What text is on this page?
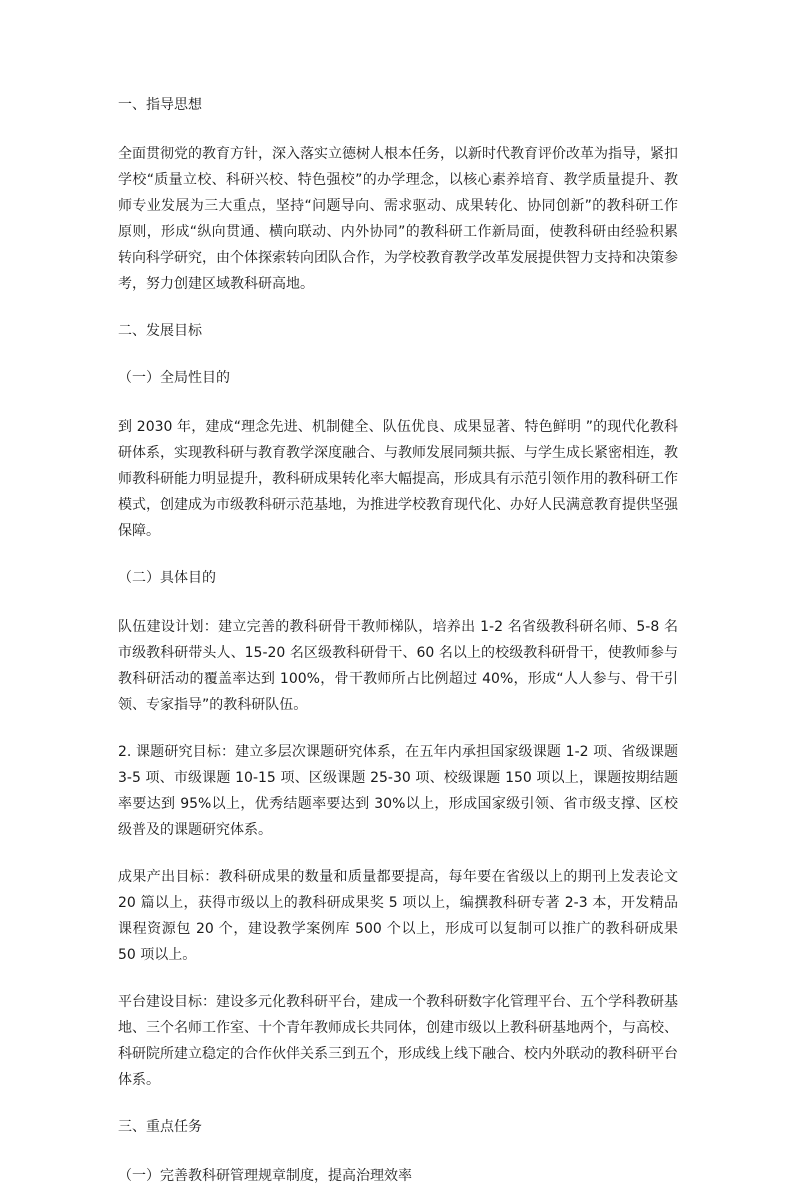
一、指导思想

全面贯彻党的教育方针，深入落实立德树人根本任务，以新时代教育评价改革为指导，紧扣学校“质量立校、科研兴校、特色强校”的办学理念，以核心素养培育、教学质量提升、教师专业发展为三大重点，坚持“问题导向、需求驱动、成果转化、协同创新”的教科研工作原则，形成“纵向贯通、横向联动、内外协同”的教科研工作新局面，使教科研由经验积累转向科学研究，由个体探索转向团队合作，为学校教育教学改革发展提供智力支持和决策参考，努力创建区域教科研高地。

二、发展目标

（一）全局性目的

到 2030 年，建成“理念先进、机制健全、队伍优良、成果显著、特色鲜明 ”的现代化教科研体系，实现教科研与教育教学深度融合、与教师发展同频共振、与学生成长紧密相连，教师教科研能力明显提升，教科研成果转化率大幅提高，形成具有示范引领作用的教科研工作模式，创建成为市级教科研示范基地，为推进学校教育现代化、办好人民满意教育提供坚强保障。

（二）具体目的

队伍建设计划：建立完善的教科研骨干教师梯队，培养出 1-2 名省级教科研名师、5-8 名市级教科研带头人、15-20 名区级教科研骨干、60 名以上的校级教科研骨干，使教师参与教科研活动的覆盖率达到 100%，骨干教师所占比例超过 40%，形成“人人参与、骨干引领、专家指导”的教科研队伍。

2. 课题研究目标：建立多层次课题研究体系，在五年内承担国家级课题 1-2 项、省级课题 3-5 项、市级课题 10-15 项、区级课题 25-30 项、校级课题 150 项以上，课题按期结题率要达到 95%以上，优秀结题率要达到 30%以上，形成国家级引领、省市级支撑、区校级普及的课题研究体系。

成果产出目标：教科研成果的数量和质量都要提高，每年要在省级以上的期刊上发表论文 20 篇以上，获得市级以上的教科研成果奖 5 项以上，编撰教科研专著 2-3 本，开发精品课程资源包 20 个，建设教学案例库 500 个以上，形成可以复制可以推广的教科研成果 50 项以上。

平台建设目标：建设多元化教科研平台，建成一个教科研数字化管理平台、五个学科教研基地、三个名师工作室、十个青年教师成长共同体，创建市级以上教科研基地两个，与高校、科研院所建立稳定的合作伙伴关系三到五个，形成线上线下融合、校内外联动的教科研平台体系。

三、重点任务

（一）完善教科研管理规章制度，提高治理效率
